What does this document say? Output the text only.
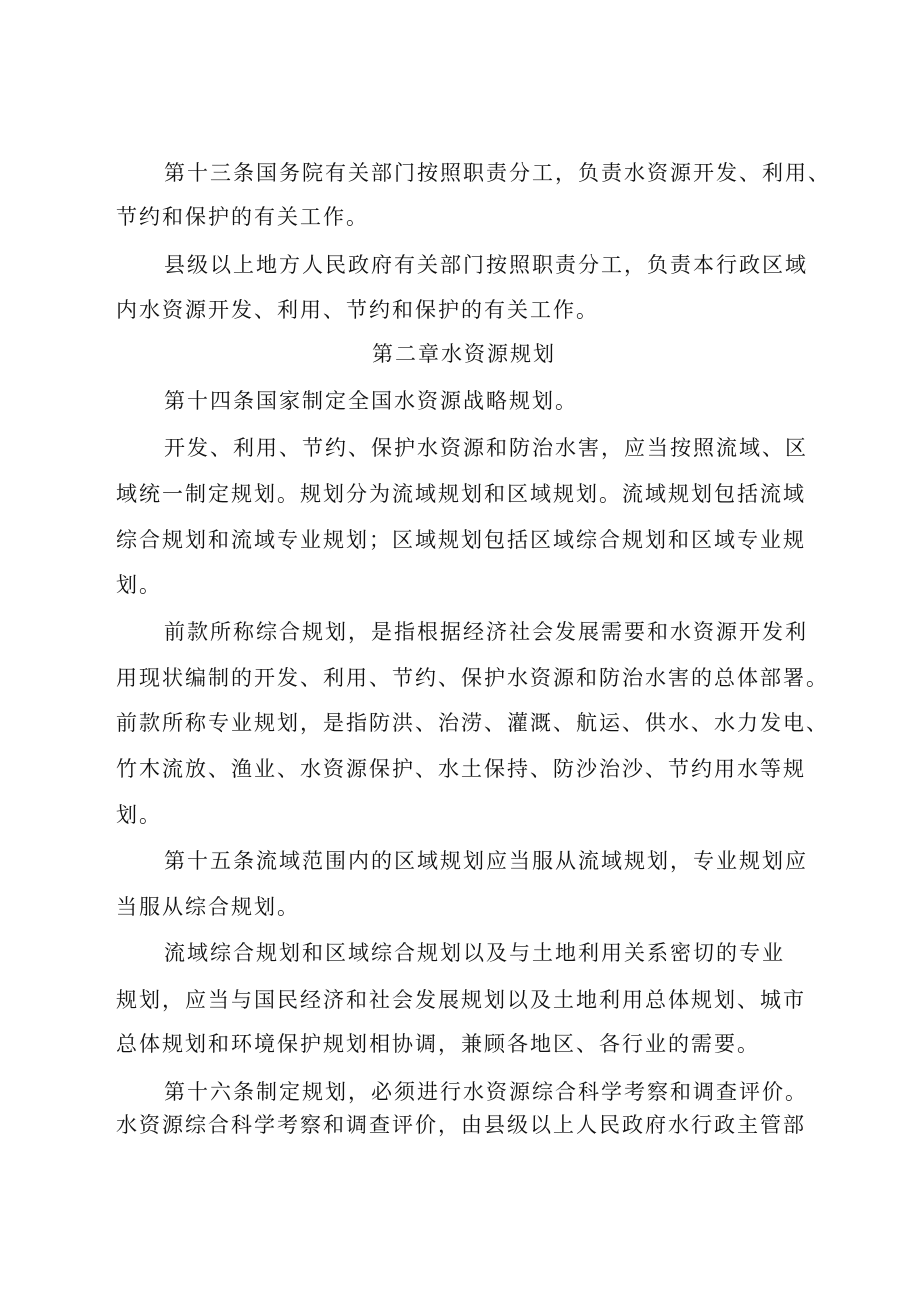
第十三条国务院有关部门按照职责分工，负责水资源开发、利用、

节约和保护的有关工作。

县级以上地方人民政府有关部门按照职责分工，负责本行政区域

内水资源开发、利用、节约和保护的有关工作。

第二章水资源规划

第十四条国家制定全国水资源战略规划。

开发、利用、节约、保护水资源和防治水害，应当按照流域、区

域统一制定规划。规划分为流域规划和区域规划。流域规划包括流域

综合规划和流域专业规划；区域规划包括区域综合规划和区域专业规

划。

前款所称综合规划，是指根据经济社会发展需要和水资源开发利

用现状编制的开发、利用、节约、保护水资源和防治水害的总体部署。

前款所称专业规划，是指防洪、治涝、灌溉、航运、供水、水力发电、

竹木流放、渔业、水资源保护、水土保持、防沙治沙、节约用水等规

划。

第十五条流域范围内的区域规划应当服从流域规划，专业规划应

当服从综合规划。

流域综合规划和区域综合规划以及与土地利用关系密切的专业

规划，应当与国民经济和社会发展规划以及土地利用总体规划、城市

总体规划和环境保护规划相协调，兼顾各地区、各行业的需要。

第十六条制定规划，必须进行水资源综合科学考察和调查评价。

水资源综合科学考察和调查评价，由县级以上人民政府水行政主管部
